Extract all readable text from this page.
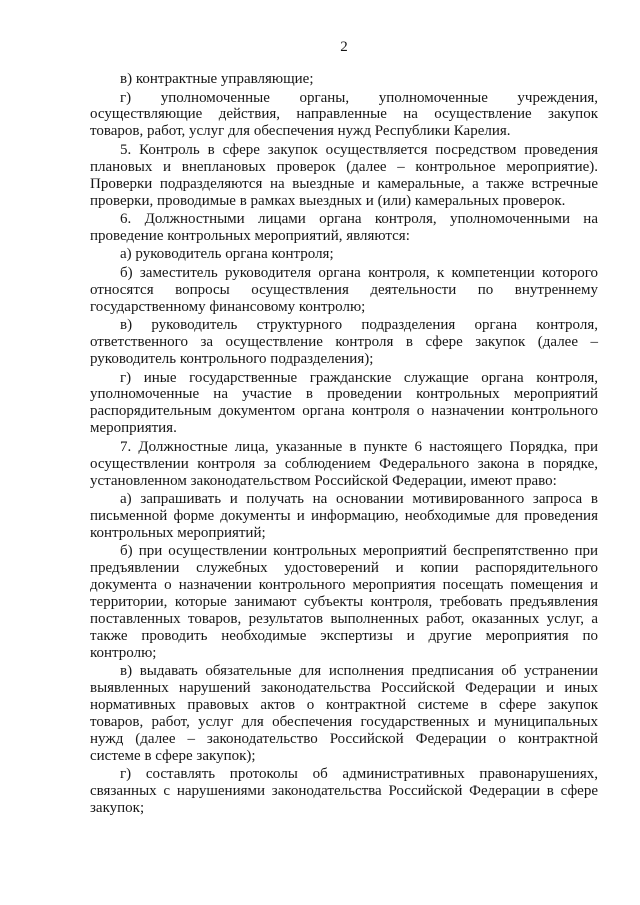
2
в) контрактные управляющие;
г) уполномоченные органы, уполномоченные учреждения,
осуществляющие действия, направленные на осуществление закупок
товаров, работ, услуг для обеспечения нужд Республики Карелия.
5. Контроль в сфере закупок осуществляется посредством проведения
плановых и внеплановых проверок (далее – контрольное мероприятие).
Проверки подразделяются на выездные и камеральные, а также встречные
проверки, проводимые в рамках выездных и (или) камеральных проверок.
6. Должностными лицами органа контроля, уполномоченными на
проведение контрольных мероприятий, являются:
а) руководитель органа контроля;
б) заместитель руководителя органа контроля, к компетенции которого
относятся вопросы осуществления деятельности по внутреннему
государственному финансовому контролю;
в) руководитель структурного подразделения органа контроля,
ответственного за осуществление контроля в сфере закупок (далее –
руководитель контрольного подразделения);
г) иные государственные гражданские служащие органа контроля,
уполномоченные на участие в проведении контрольных мероприятий
распорядительным документом органа контроля о назначении контрольного
мероприятия.
7. Должностные лица, указанные в пункте 6 настоящего Порядка, при
осуществлении контроля за соблюдением Федерального закона в порядке,
установленном законодательством Российской Федерации, имеют право:
а) запрашивать и получать на основании мотивированного запроса в
письменной форме документы и информацию, необходимые для проведения
контрольных мероприятий;
б) при осуществлении контрольных мероприятий беспрепятственно при
предъявлении служебных удостоверений и копии распорядительного
документа о назначении контрольного мероприятия посещать помещения и
территории, которые занимают субъекты контроля, требовать предъявления
поставленных товаров, результатов выполненных работ, оказанных услуг, а
также проводить необходимые экспертизы и другие мероприятия по
контролю;
в) выдавать обязательные для исполнения предписания об устранении
выявленных нарушений законодательства Российской Федерации и иных
нормативных правовых актов о контрактной системе в сфере закупок
товаров, работ, услуг для обеспечения государственных и муниципальных
нужд (далее – законодательство Российской Федерации о контрактной
системе в сфере закупок);
г) составлять протоколы об административных правонарушениях,
связанных с нарушениями законодательства Российской Федерации в сфере
закупок;
